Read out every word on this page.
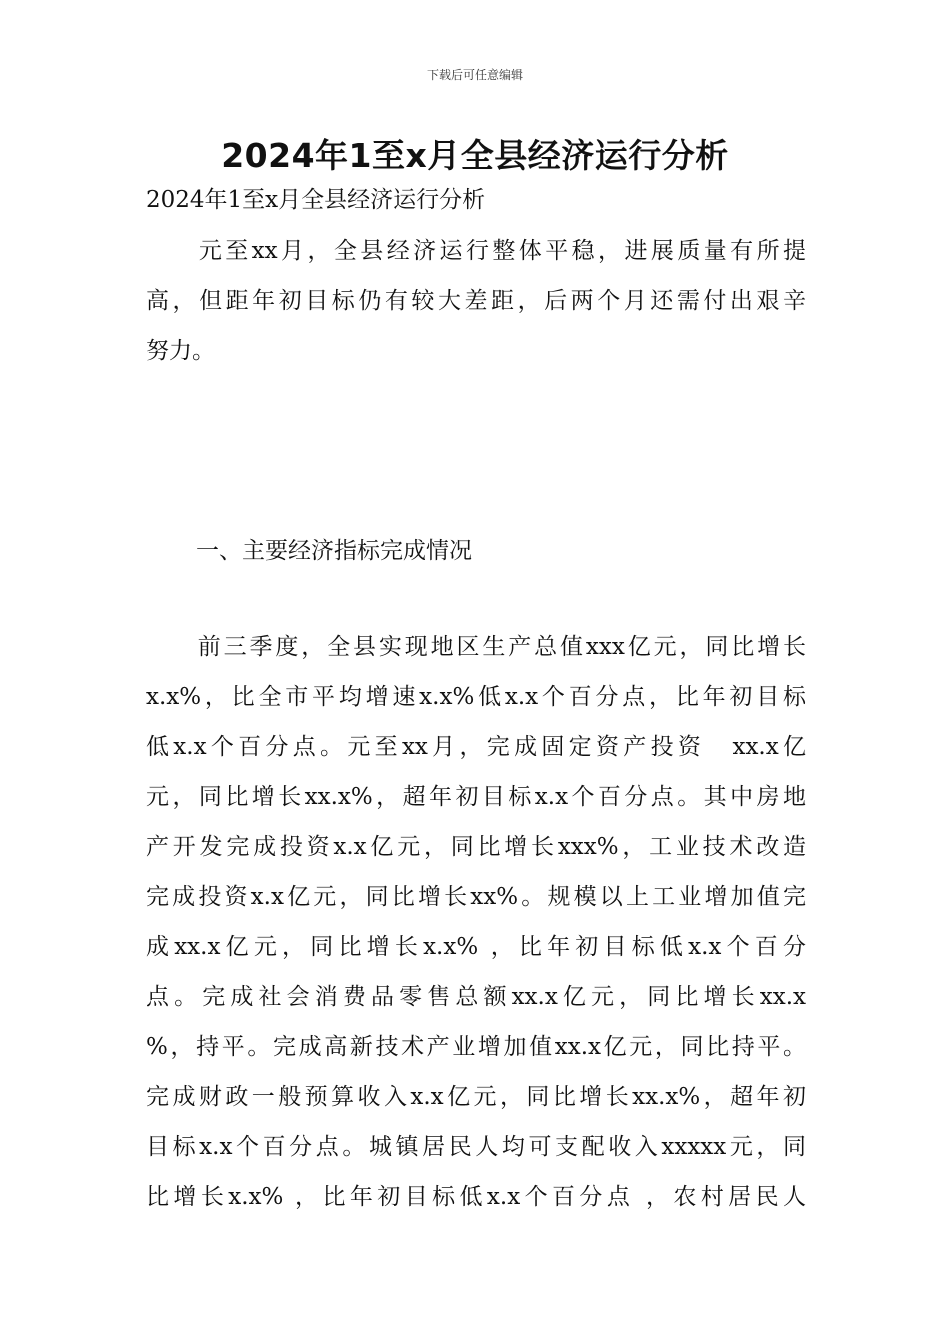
下载后可任意编辑
2024年1至x月全县经济运行分析
2024年1至x月全县经济运行分析
　　元至xx月，全县经济运行整体平稳，进展质量有所提
高，但距年初目标仍有较大差距，后两个月还需付出艰辛
努力。
一、主要经济指标完成情况
　　前三季度，全县实现地区生产总值xxx亿元，同比增长
x.x%，比全市平均增速x.x%低x.x个百分点，比年初目标
低x.x个百分点。元至xx月，完成固定资产投资　xx.x亿
元，同比增长xx.x%，超年初目标x.x个百分点。其中房地
产开发完成投资x.x亿元，同比增长xxx%，工业技术改造
完成投资x.x亿元，同比增长xx%。规模以上工业增加值完
成xx.x亿元，同比增长x.x% ，比年初目标低x.x个百分
点。完成社会消费品零售总额xx.x亿元，同比增长xx.x
%，持平。完成高新技术产业增加值xx.x亿元，同比持平。
完成财政一般预算收入x.x亿元，同比增长xx.x%，超年初
目标x.x个百分点。城镇居民人均可支配收入xxxxx元，同
比增长x.x% ，比年初目标低x.x个百分点 ，农村居民人
